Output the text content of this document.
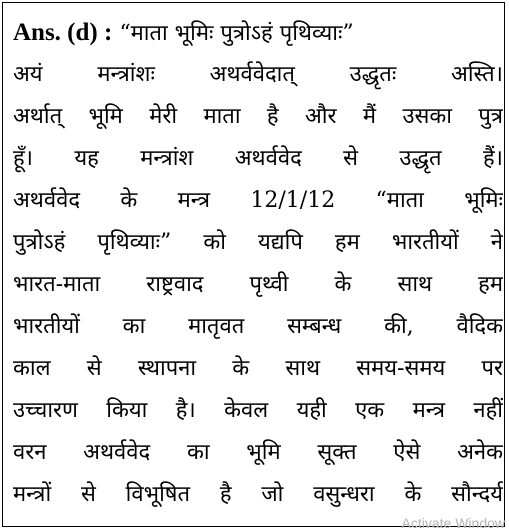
Ans. (d) : “माता भूमिः पुत्रोऽहं पृथिव्याः”
अयं मन्त्रांशः अथर्ववेदात् उद्धृतः अस्ति।
अर्थात् भूमि मेरी माता है और मैं उसका पुत्र
हूँ। यह मन्त्रांश अथर्ववेद से उद्धृत हैं।
अथर्ववेद के मन्त्र 12/1/12 “माता भूमिः
पुत्रोऽहं पृथिव्याः” को यद्यपि हम भारतीयों ने
भारत-माता राष्ट्रवाद पृथ्वी के साथ हम
भारतीयों का मातृवत सम्बन्ध की, वैदिक
काल से स्थापना के साथ समय-समय पर
उच्चारण किया है। केवल यही एक मन्त्र नहीं
वरन अथर्ववेद का भूमि सूक्त ऐसे अनेक
मन्त्रों से विभूषित है जो वसुन्धरा के सौन्दर्य
Activate Window
